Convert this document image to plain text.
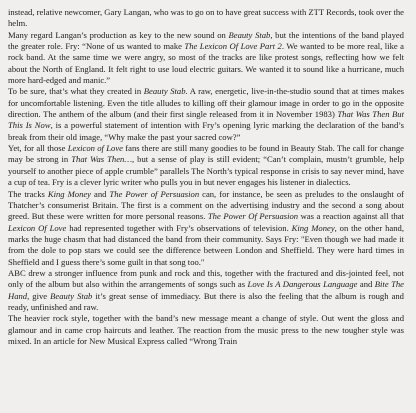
instead, relative newcomer, Gary Langan, who was to go on to have great success with ZTT Records, took over the helm.

Many regard Langan’s production as key to the new sound on Beauty Stab, but the intentions of the band played the greater role. Fry: “None of us wanted to make The Lexicon Of Love Part 2. We wanted to be more real, like a rock band. At the same time we were angry, so most of the tracks are like protest songs, reflecting how we felt about the North of England. It felt right to use loud electric guitars. We wanted it to sound like a hurricane, much more hard-edged and manic.”

To be sure, that’s what they created in Beauty Stab. A raw, energetic, live-in-the-studio sound that at times makes for uncomfortable listening. Even the title alludes to killing off their glamour image in order to go in the opposite direction. The anthem of the album (and their first single released from it in November 1983) That Was Then But This Is Now, is a powerful statement of intention with Fry’s opening lyric marking the declaration of the band’s break from their old image, “Why make the past your sacred cow?”

Yet, for all those Lexicon of Love fans there are still many goodies to be found in Beauty Stab. The call for change may be strong in That Was Then…, but a sense of play is still evident; “Can’t complain, mustn’t grumble, help yourself to another piece of apple crumble” parallels The North’s typical response in crisis to say never mind, have a cup of tea. Fry is a clever lyric writer who pulls you in but never engages his listener in dialectics.

The tracks King Money and The Power of Persuasion can, for instance, be seen as preludes to the onslaught of Thatcher’s consumerist Britain. The first is a comment on the advertising industry and the second a song about greed. But these were written for more personal reasons. The Power Of Persuasion was a reaction against all that Lexicon Of Love had represented together with Fry’s observations of television. King Money, on the other hand, marks the huge chasm that had distanced the band from their community. Says Fry: "Even though we had made it from the dole to pop stars we could see the difference between London and Sheffield. They were hard times in Sheffield and I guess there’s some guilt in that song too."

ABC drew a stronger influence from punk and rock and this, together with the fractured and dis-jointed feel, not only of the album but also within the arrangements of songs such as Love Is A Dangerous Language and Bite The Hand, give Beauty Stab it’s great sense of immediacy. But there is also the feeling that the album is rough and ready, unfinished and raw.

The heavier rock style, together with the band’s new message meant a change of style. Out went the gloss and glamour and in came crop haircuts and leather. The reaction from the music press to the new tougher style was mixed. In an article for New Musical Express called “Wrong Train
